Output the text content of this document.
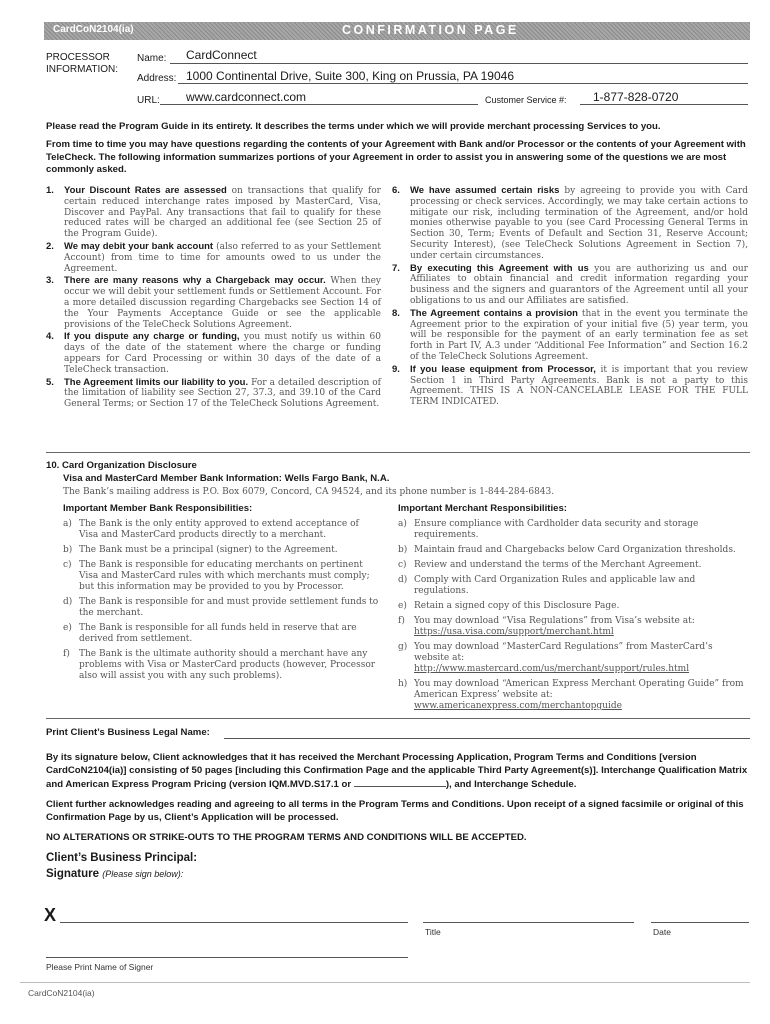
CardCoN2104(ia)	CONFIRMATION PAGE
PROCESSOR
INFORMATION:
Name: CardConnect
Address: 1000 Continental Drive, Suite 300, King on Prussia, PA 19046
URL: www.cardconnect.com	Customer Service #: 1-877-828-0720
Please read the Program Guide in its entirety. It describes the terms under which we will provide merchant processing Services to you.
From time to time you may have questions regarding the contents of your Agreement with Bank and/or Processor or the contents of your Agreement with TeleCheck. The following information summarizes portions of your Agreement in order to assist you in answering some of the questions we are most commonly asked.
1. Your Discount Rates are assessed on transactions that qualify for certain reduced interchange rates imposed by MasterCard, Visa, Discover and PayPal. Any transactions that fail to qualify for these reduced rates will be charged an additional fee (see Section 25 of the Program Guide).
2. We may debit your bank account (also referred to as your Settlement Account) from time to time for amounts owed to us under the Agreement.
3. There are many reasons why a Chargeback may occur. When they occur we will debit your settlement funds or Settlement Account. For a more detailed discussion regarding Chargebacks see Section 14 of the Your Payments Acceptance Guide or see the applicable provisions of the TeleCheck Solutions Agreement.
4. If you dispute any charge or funding, you must notify us within 60 days of the date of the statement where the charge or funding appears for Card Processing or within 30 days of the date of a TeleCheck transaction.
5. The Agreement limits our liability to you. For a detailed description of the limitation of liability see Section 27, 37.3, and 39.10 of the Card General Terms; or Section 17 of the TeleCheck Solutions Agreement.
6. We have assumed certain risks by agreeing to provide you with Card processing or check services. Accordingly, we may take certain actions to mitigate our risk, including termination of the Agreement, and/or hold monies otherwise payable to you (see Card Processing General Terms in Section 30, Term; Events of Default and Section 31, Reserve Account; Security Interest), (see TeleCheck Solutions Agreement in Section 7), under certain circumstances.
7. By executing this Agreement with us you are authorizing us and our Affiliates to obtain financial and credit information regarding your business and the signers and guarantors of the Agreement until all your obligations to us and our Affiliates are satisfied.
8. The Agreement contains a provision that in the event you terminate the Agreement prior to the expiration of your initial five (5) year term, you will be responsible for the payment of an early termination fee as set forth in Part IV, A.3 under “Additional Fee Information” and Section 16.2 of the TeleCheck Solutions Agreement.
9. If you lease equipment from Processor, it is important that you review Section 1 in Third Party Agreements. Bank is not a party to this Agreement. THIS IS A NON-CANCELABLE LEASE FOR THE FULL TERM INDICATED.
10. Card Organization Disclosure
Visa and MasterCard Member Bank Information: Wells Fargo Bank, N.A.
The Bank’s mailing address is P.O. Box 6079, Concord, CA 94524, and its phone number is 1-844-284-6843.
Important Member Bank Responsibilities:	Important Merchant Responsibilities:
a) The Bank is the only entity approved to extend acceptance of Visa and MasterCard products directly to a merchant.
b) The Bank must be a principal (signer) to the Agreement.
c) The Bank is responsible for educating merchants on pertinent Visa and MasterCard rules with which merchants must comply; but this information may be provided to you by Processor.
d) The Bank is responsible for and must provide settlement funds to the merchant.
e) The Bank is responsible for all funds held in reserve that are derived from settlement.
f) The Bank is the ultimate authority should a merchant have any problems with Visa or MasterCard products (however, Processor also will assist you with any such problems).
a) Ensure compliance with Cardholder data security and storage requirements.
b) Maintain fraud and Chargebacks below Card Organization thresholds.
c) Review and understand the terms of the Merchant Agreement.
d) Comply with Card Organization Rules and applicable law and regulations.
e) Retain a signed copy of this Disclosure Page.
f) You may download “Visa Regulations” from Visa’s website at:
https://usa.visa.com/support/merchant.html
g) You may download “MasterCard Regulations” from MasterCard’s website at:
http://www.mastercard.com/us/merchant/support/rules.html
h) You may download “American Express Merchant Operating Guide” from American Express’ website at: www.americanexpress.com/merchantopguide
Print Client’s Business Legal Name:
By its signature below, Client acknowledges that it has received the Merchant Processing Application, Program Terms and Conditions [version CardCoN2104(ia)] consisting of 50 pages [including this Confirmation Page and the applicable Third Party Agreement(s)]. Interchange Qualification Matrix and American Express Program Pricing (version IQM.MVD.S17.1 or	), and Interchange Schedule.
Client further acknowledges reading and agreeing to all terms in the Program Terms and Conditions. Upon receipt of a signed facsimile or original of this Confirmation Page by us, Client’s Application will be processed.
NO ALTERATIONS OR STRIKE-OUTS TO THE PROGRAM TERMS AND CONDITIONS WILL BE ACCEPTED.
Client’s Business Principal:
Signature (Please sign below):
X
Title	Date
Please Print Name of Signer
CardCoN2104(ia)
